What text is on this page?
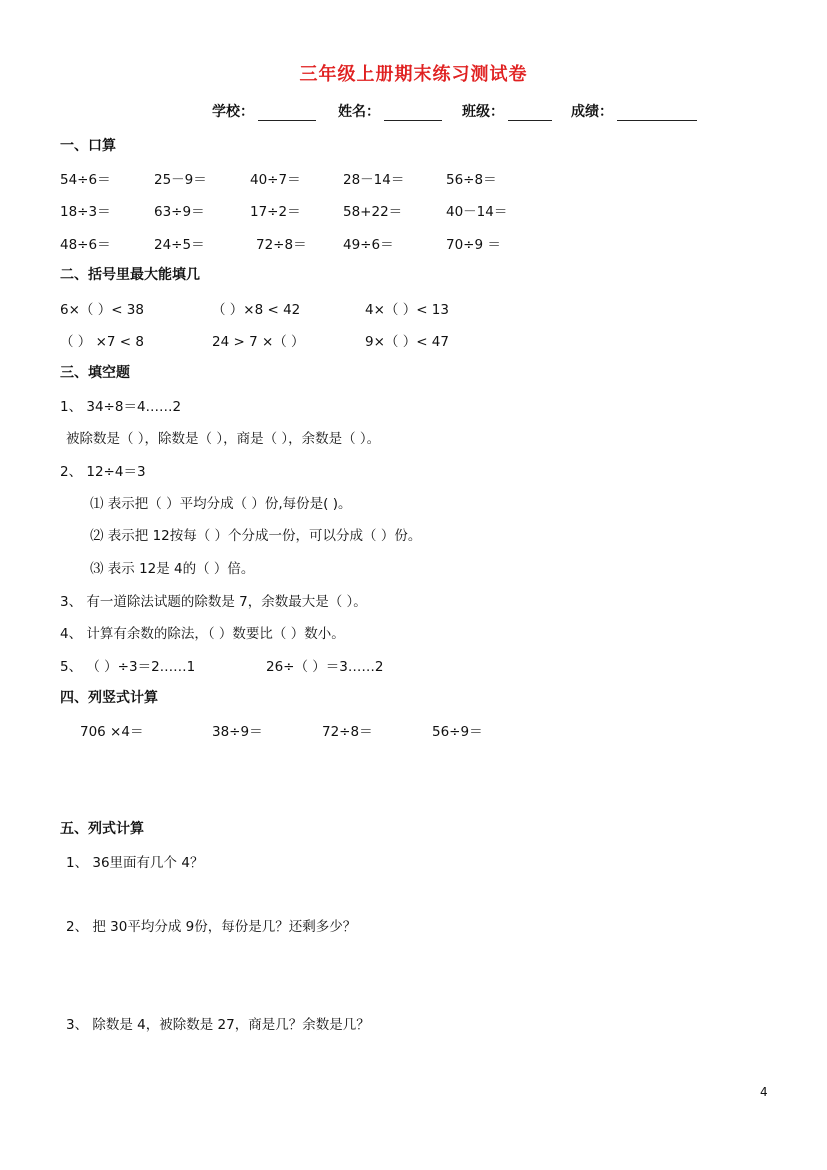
三年级上册期末练习测试卷
学校：	姓名：	班级：	成绩：
一、口算
54÷6＝	25－9＝	40÷7＝	28－14＝	56÷8＝
18÷3＝	63÷9＝	17÷2＝	58+22＝	40－14＝
48÷6＝	24÷5＝	72÷8＝	49÷6＝	70÷9 ＝
二、括号里最大能填几
6×（ ）< 38	（ ）×8 < 42	4×（ ）< 13
（ ） ×7 < 8	24 > 7 ×（ ）	9×（ ）< 47
三、填空题
1、 34÷8＝4……2
被除数是（ ），除数是（ ），商是（ ），余数是（ ）。
2、 12÷4＝3
⑴ 表示把（ ）平均分成（ ）份,每份是( )。
⑵ 表示把 12按每（ ）个分成一份，可以分成（ ）份。
⑶ 表示 12是 4的（ ）倍。
3、 有一道除法试题的除数是 7，余数最大是（ ）。
4、 计算有余数的除法，（ ）数要比（ ）数小。
5、 （ ）÷3＝2……1	26÷（ ）＝3……2
四、列竖式计算
706 ×4＝	38÷9＝	72÷8＝	56÷9＝
五、列式计算
1、 36里面有几个 4？
2、 把 30平均分成 9份，每份是几？还剩多少？
3、 除数是 4，被除数是 27，商是几？余数是几？
4
